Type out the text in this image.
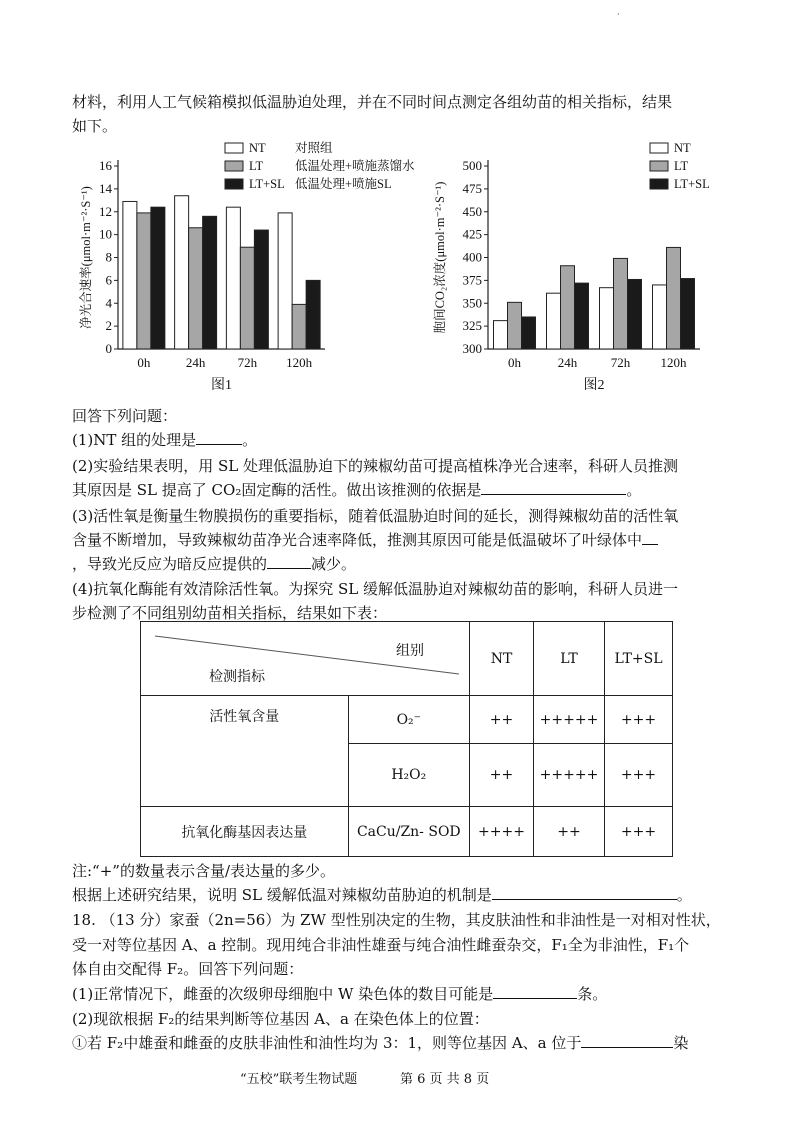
·
材料，利用人工气候箱模拟低温胁迫处理，并在不同时间点测定各组幼苗的相关指标，结果
如下。
0
2
4
6
8
10
12
14
16
净光合速率(μmol·m⁻²·S⁻¹)
0h	24h 72h 120h
图1
NT 对照组
LT	低温处理+喷施蒸馏水
LT+SL 低温处理+喷施SL
300
325
350
375
400
425
450
475
500
胞间CO₂浓度(μmol·m⁻²·S⁻¹)
0h	24h	72h 120h
图2
NT
LT
LT+SL
回答下列问题：
(1)NT 组的处理是	。
(2)实验结果表明，用 SL 处理低温胁迫下的辣椒幼苗可提高植株净光合速率，科研人员推测
其原因是 SL 提高了 CO₂固定酶的活性。做出该推测的依据是	。
(3)活性氧是衡量生物膜损伤的重要指标，随着低温胁迫时间的延长，测得辣椒幼苗的活性氧
含量不断增加，导致辣椒幼苗净光合速率降低，推测其原因可能是低温破坏了叶绿体中
，导致光反应为暗反应提供的	减少。
(4)抗氧化酶能有效清除活性氧。为探究 SL 缓解低温胁迫对辣椒幼苗的影响，科研人员进一
步检测了不同组别幼苗相关指标，结果如下表：
组别
检测指标		NT	LT	LT+SL
活性氧含量	O₂⁻	++	+++++	+++
	H₂O₂	++	+++++	+++
抗氧化酶基因表达量	CaCu/Zn- SOD	++++	++	+++
注:“+”的数量表示含量/表达量的多少。
根据上述研究结果，说明 SL 缓解低温对辣椒幼苗胁迫的机制是	。
18. （13 分）家蚕（2n=56）为 ZW 型性别决定的生物，其皮肤油性和非油性是一对相对性状，
受一对等位基因 A、a 控制。现用纯合非油性雄蚕与纯合油性雌蚕杂交，F₁全为非油性，F₁个
体自由交配得 F₂。回答下列问题：
(1)正常情况下，雌蚕的次级卵母细胞中 W 染色体的数目可能是	条。
(2)现欲根据 F₂的结果判断等位基因 A、a 在染色体上的位置：
①若 F₂中雄蚕和雌蚕的皮肤非油性和油性均为 3：1，则等位基因 A、a 位于	染
“五校”联考生物试题	第 6 页 共 8 页
